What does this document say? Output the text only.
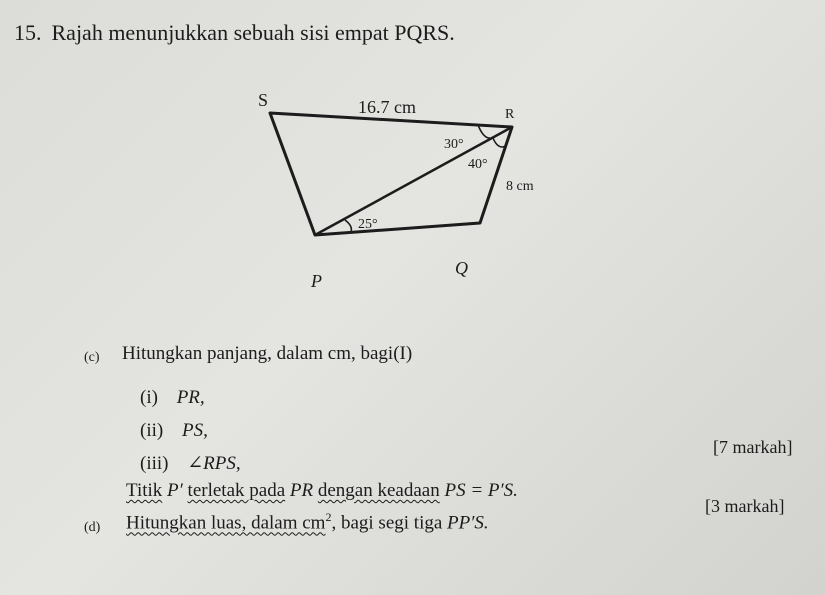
15. Rajah menunjukkan sebuah sisi empat PQRS.
S
R
P
Q
16.7 cm
8 cm
30°
40°
25°
(c) Hitungkan panjang, dalam cm, bagi(I)
(i) PR,
(ii) PS,
(iii) ∠RPS,
[7 markah]
(d)
Titik P′ terletak pada PR dengan keadaan PS = P′S.
Hitungkan luas, dalam $cm^2$, bagi segi tiga PP′S.
[3 markah]
